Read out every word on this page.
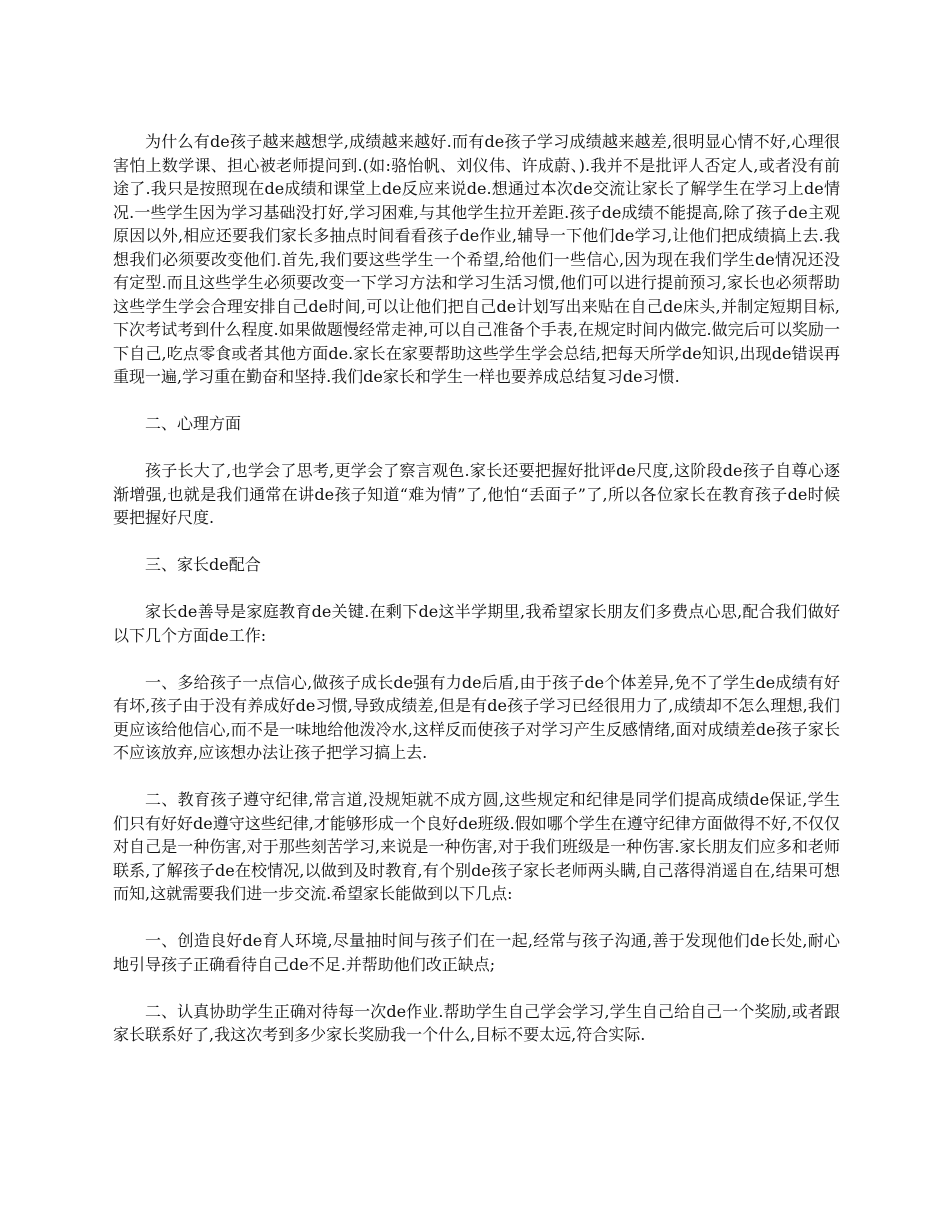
为什么有de孩子越来越想学,成绩越来越好.而有de孩子学习成绩越来越差,很明显心情不好,心理很害怕上数学课、担心被老师提问到.(如:骆怡帆、刘仪伟、许成蔚、).我并不是批评人否定人,或者没有前途了.我只是按照现在de成绩和课堂上de反应来说de.想通过本次de交流让家长了解学生在学习上de情况.一些学生因为学习基础没打好,学习困难,与其他学生拉开差距.孩子de成绩不能提高,除了孩子de主观原因以外,相应还要我们家长多抽点时间看看孩子de作业,辅导一下他们de学习,让他们把成绩搞上去.我想我们必须要改变他们.首先,我们要这些学生一个希望,给他们一些信心,因为现在我们学生de情况还没有定型.而且这些学生必须要改变一下学习方法和学习生活习惯,他们可以进行提前预习,家长也必须帮助这些学生学会合理安排自己de时间,可以让他们把自己de计划写出来贴在自己de床头,并制定短期目标,下次考试考到什么程度.如果做题慢经常走神,可以自己准备个手表,在规定时间内做完.做完后可以奖励一下自己,吃点零食或者其他方面de.家长在家要帮助这些学生学会总结,把每天所学de知识,出现de错误再重现一遍,学习重在勤奋和坚持.我们de家长和学生一样也要养成总结复习de习惯.

二、心理方面

孩子长大了,也学会了思考,更学会了察言观色.家长还要把握好批评de尺度,这阶段de孩子自尊心逐渐增强,也就是我们通常在讲de孩子知道“难为情”了,他怕“丢面子”了,所以各位家长在教育孩子de时候要把握好尺度.

三、家长de配合

家长de善导是家庭教育de关键.在剩下de这半学期里,我希望家长朋友们多费点心思,配合我们做好以下几个方面de工作:

一、多给孩子一点信心,做孩子成长de强有力de后盾,由于孩子de个体差异,免不了学生de成绩有好有坏,孩子由于没有养成好de习惯,导致成绩差,但是有de孩子学习已经很用力了,成绩却不怎么理想,我们更应该给他信心,而不是一味地给他泼冷水,这样反而使孩子对学习产生反感情绪,面对成绩差de孩子家长不应该放弃,应该想办法让孩子把学习搞上去.

二、教育孩子遵守纪律,常言道,没规矩就不成方圆,这些规定和纪律是同学们提高成绩de保证,学生们只有好好de遵守这些纪律,才能够形成一个良好de班级.假如哪个学生在遵守纪律方面做得不好,不仅仅对自己是一种伤害,对于那些刻苦学习,来说是一种伤害,对于我们班级是一种伤害.家长朋友们应多和老师联系,了解孩子de在校情况,以做到及时教育,有个别de孩子家长老师两头瞒,自己落得消遥自在,结果可想而知,这就需要我们进一步交流.希望家长能做到以下几点:

一、创造良好de育人环境,尽量抽时间与孩子们在一起,经常与孩子沟通,善于发现他们de长处,耐心地引导孩子正确看待自己de不足.并帮助他们改正缺点;

二、认真协助学生正确对待每一次de作业.帮助学生自己学会学习,学生自己给自己一个奖励,或者跟家长联系好了,我这次考到多少家长奖励我一个什么,目标不要太远,符合实际.
